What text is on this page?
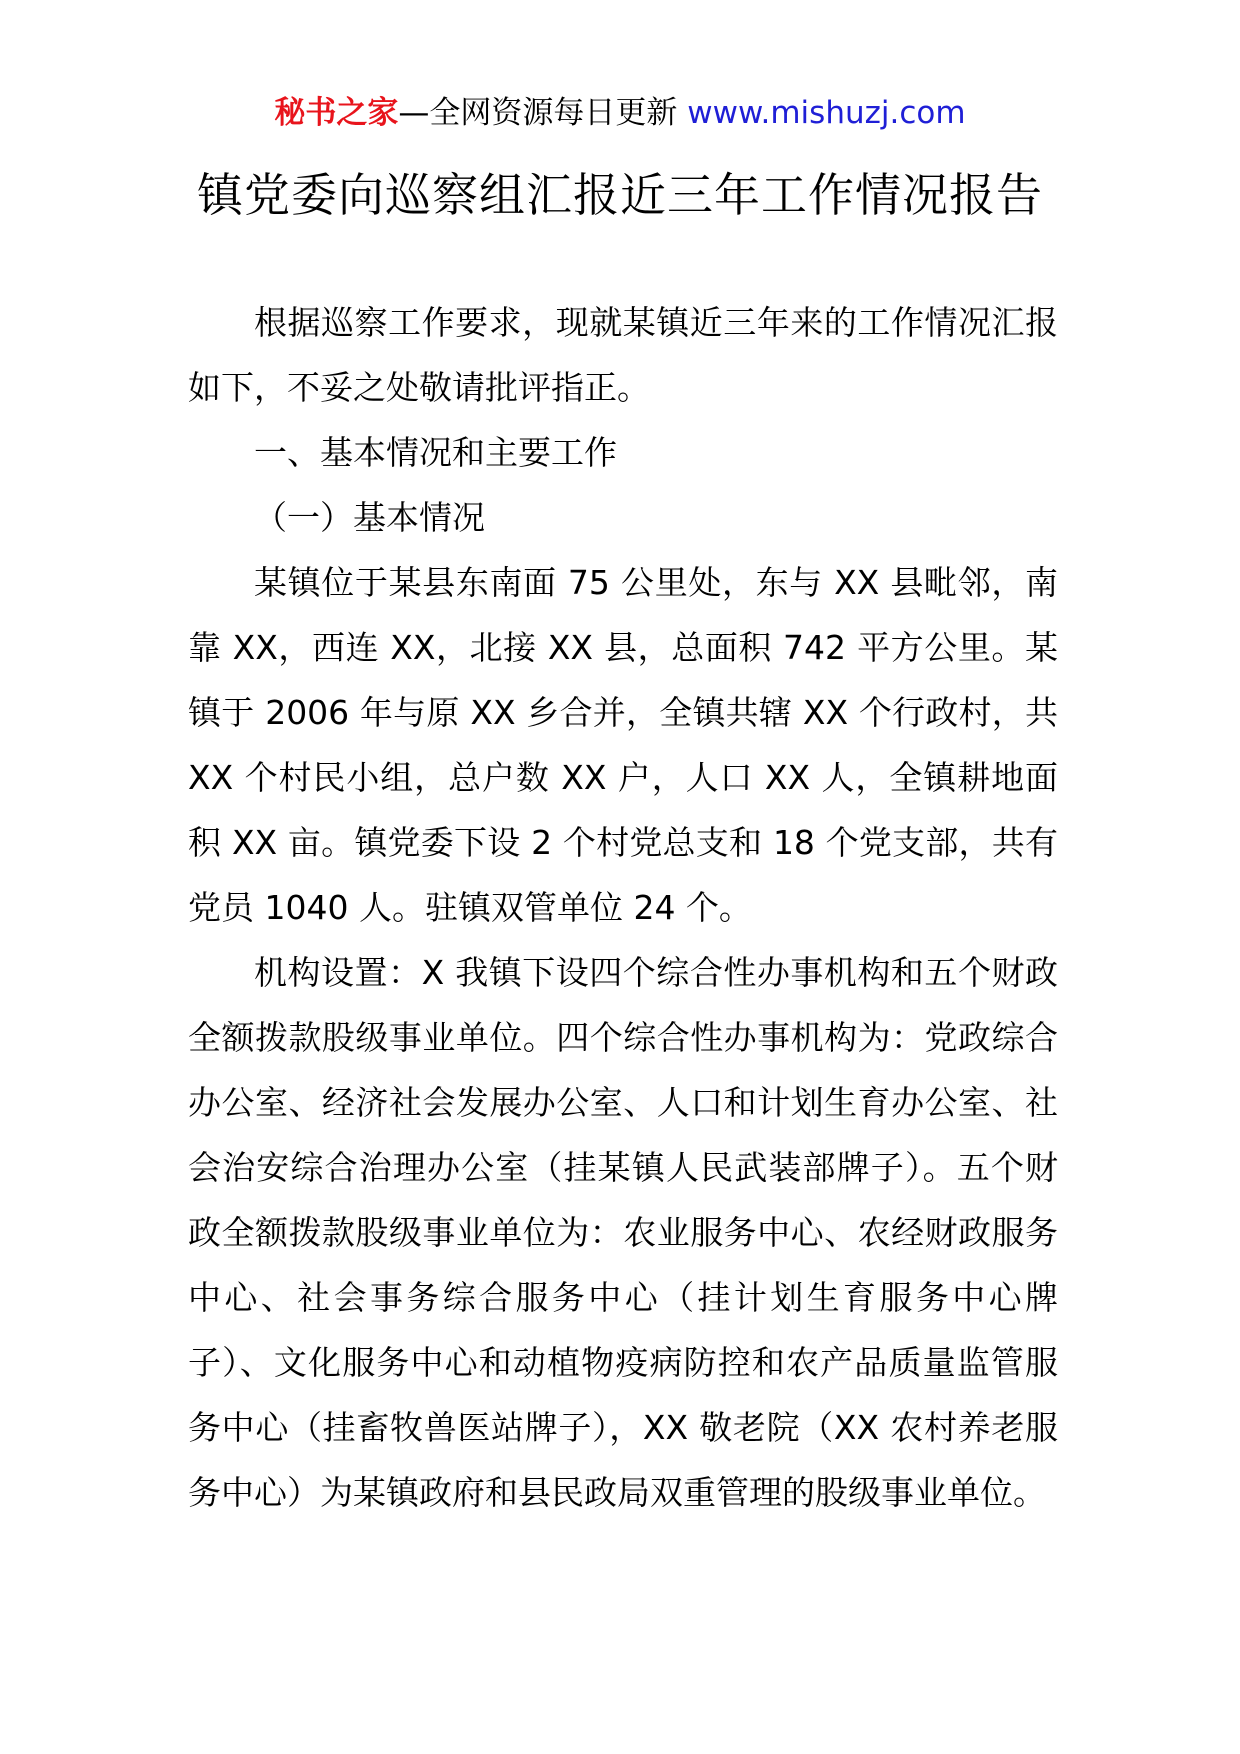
秘书之家—全网资源每日更新 www.mishuzj.com
镇党委向巡察组汇报近三年工作情况报告

根据巡察工作要求，现就某镇近三年来的工作情况汇报如下，不妥之处敬请批评指正。

一、基本情况和主要工作

（一）基本情况

某镇位于某县东南面 75 公里处，东与 XX 县毗邻，南靠 XX，西连 XX，北接 XX 县，总面积 742 平方公里。某镇于 2006 年与原 XX 乡合并，全镇共辖 XX 个行政村，共 XX 个村民小组，总户数 XX 户，人口 XX 人，全镇耕地面积 XX 亩。镇党委下设 2 个村党总支和 18 个党支部，共有党员 1040 人。驻镇双管单位 24 个。

机构设置：X 我镇下设四个综合性办事机构和五个财政全额拨款股级事业单位。四个综合性办事机构为：党政综合办公室、经济社会发展办公室、人口和计划生育办公室、社会治安综合治理办公室（挂某镇人民武装部牌子）。五个财政全额拨款股级事业单位为：农业服务中心、农经财政服务中心、社会事务综合服务中心（挂计划生育服务中心牌子）、文化服务中心和动植物疫病防控和农产品质量监管服务中心（挂畜牧兽医站牌子），XX 敬老院（XX 农村养老服务中心）为某镇政府和县民政局双重管理的股级事业单位。
